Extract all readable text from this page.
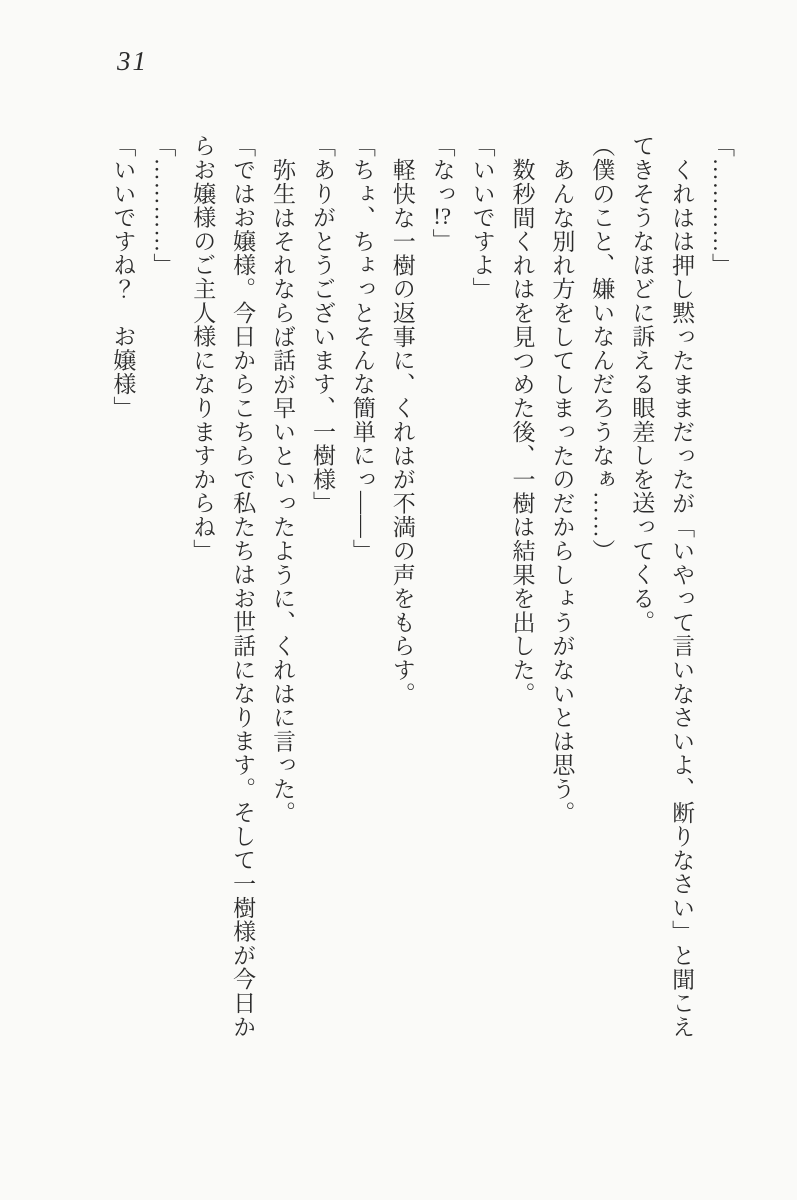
31

「…………」

くれはは押し黙ったままだったが「いやって言いなさいよ、断りなさい」と聞こえ

てきそうなほどに訴える眼差しを送ってくる。

（僕のこと、嫌いなんだろうなぁ……）

あんな別れ方をしてしまったのだからしょうがないとは思う。

数秒間くれはを見つめた後、一樹は結果を出した。

「いいですよ」

「なっ!?」

軽快な一樹の返事に、くれはが不満の声をもらす。

「ちょ、ちょっとそんな簡単にっ――」

「ありがとうございます、一樹様」

弥生はそれならば話が早いといったように、くれはに言った。

「ではお嬢様。今日からこちらで私たちはお世話になります。そして一樹様が今日か

らお嬢様のご主人様になりますからね」

「…………」

「いいですね？　お嬢様」
